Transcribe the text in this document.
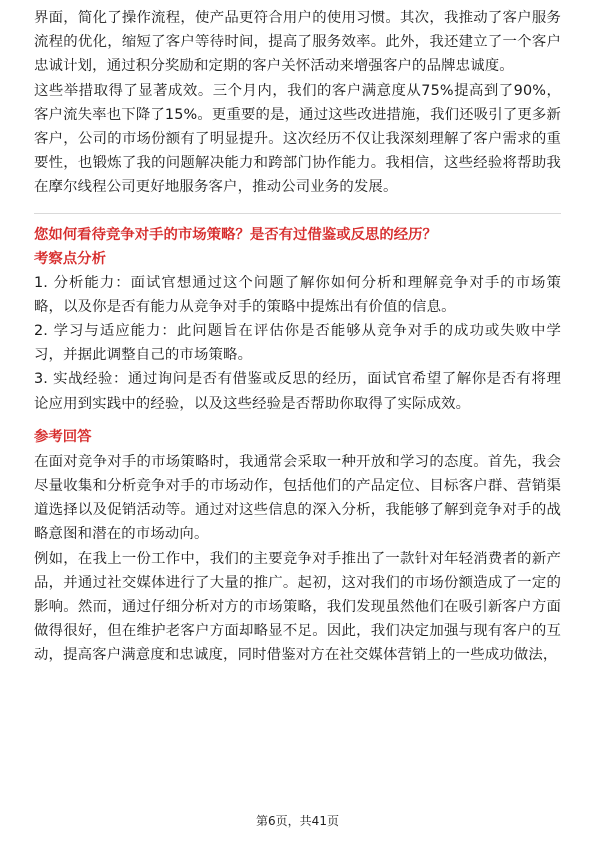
界面，简化了操作流程，使产品更符合用户的使用习惯。其次，我推动了客户服务流程的优化，缩短了客户等待时间，提高了服务效率。此外，我还建立了一个客户忠诚计划，通过积分奖励和定期的客户关怀活动来增强客户的品牌忠诚度。

这些举措取得了显著成效。三个月内，我们的客户满意度从75%提高到了90%，客户流失率也下降了15%。更重要的是，通过这些改进措施，我们还吸引了更多新客户，公司的市场份额有了明显提升。这次经历不仅让我深刻理解了客户需求的重要性，也锻炼了我的问题解决能力和跨部门协作能力。我相信，这些经验将帮助我在摩尔线程公司更好地服务客户，推动公司业务的发展。

您如何看待竞争对手的市场策略？是否有过借鉴或反思的经历？

考察点分析

1. 分析能力：面试官想通过这个问题了解你如何分析和理解竞争对手的市场策略，以及你是否有能力从竞争对手的策略中提炼出有价值的信息。

2. 学习与适应能力：此问题旨在评估你是否能够从竞争对手的成功或失败中学习，并据此调整自己的市场策略。

3. 实战经验：通过询问是否有借鉴或反思的经历，面试官希望了解你是否有将理论应用到实践中的经验，以及这些经验是否帮助你取得了实际成效。

参考回答

在面对竞争对手的市场策略时，我通常会采取一种开放和学习的态度。首先，我会尽量收集和分析竞争对手的市场动作，包括他们的产品定位、目标客户群、营销渠道选择以及促销活动等。通过对这些信息的深入分析，我能够了解到竞争对手的战略意图和潜在的市场动向。

例如，在我上一份工作中，我们的主要竞争对手推出了一款针对年轻消费者的新产品，并通过社交媒体进行了大量的推广。起初，这对我们的市场份额造成了一定的影响。然而，通过仔细分析对方的市场策略，我们发现虽然他们在吸引新客户方面做得很好，但在维护老客户方面却略显不足。因此，我们决定加强与现有客户的互动，提高客户满意度和忠诚度，同时借鉴对方在社交媒体营销上的一些成功做法，

第6页，共41页
